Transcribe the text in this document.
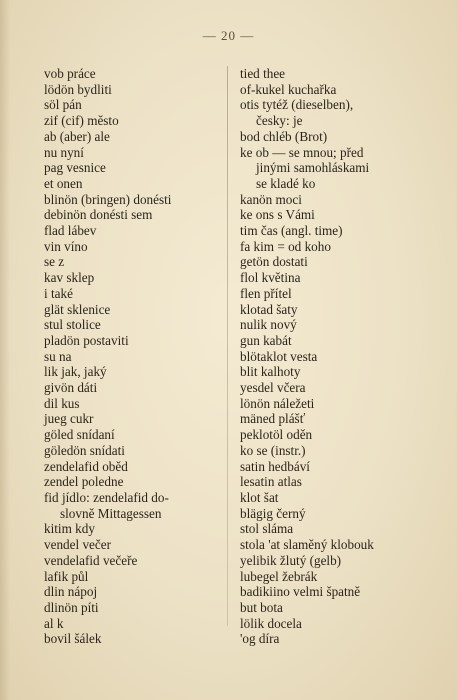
— 20 —
vob práce
lödön bydliti
söl pán
zif (cif) město
ab (aber) ale
nu nyní
pag vesnice
et onen
blinön (bringen) donésti
debinön donésti sem
flad lábev
vin víno
se z
kav sklep
i také
glät sklenice
stul stolice
pladön postaviti
su na
lik jak, jaký
givön dáti
dil kus
jueg cukr
göled snídaní
göledön snídati
zendelafid oběd
zendel poledne
fid jídlo: zendelafid do-
slovně Mittagessen
kitim kdy
vendel večer
vendelafid večeře
lafik půl
dlin nápoj
dlinön píti
al k
bovil šálek
tied thee
of-kukel kuchařka
otis tytéž (dieselben),
česky: je
bod chléb (Brot)
ke ob — se mnou; před
jinými samohláskami
se kladé ko
kanön moci
ke ons s Vámi
tim čas (angl. time)
fa kim = od koho
getön dostati
flol květina
flen přítel
klotad šaty
nulik nový
gun kabát
blötaklot vesta
blit kalhoty
yesdel včera
lönön náležeti
mäned plášť
peklotöl oděn
ko se (instr.)
satin hedbáví
lesatin atlas
klot šat
blägig černý
stol sláma
stola 'at slaměný klobouk
yelibik žlutý (gelb)
lubegel žebrák
badikiino velmi špatně
but bota
lölik docela
'og díra
